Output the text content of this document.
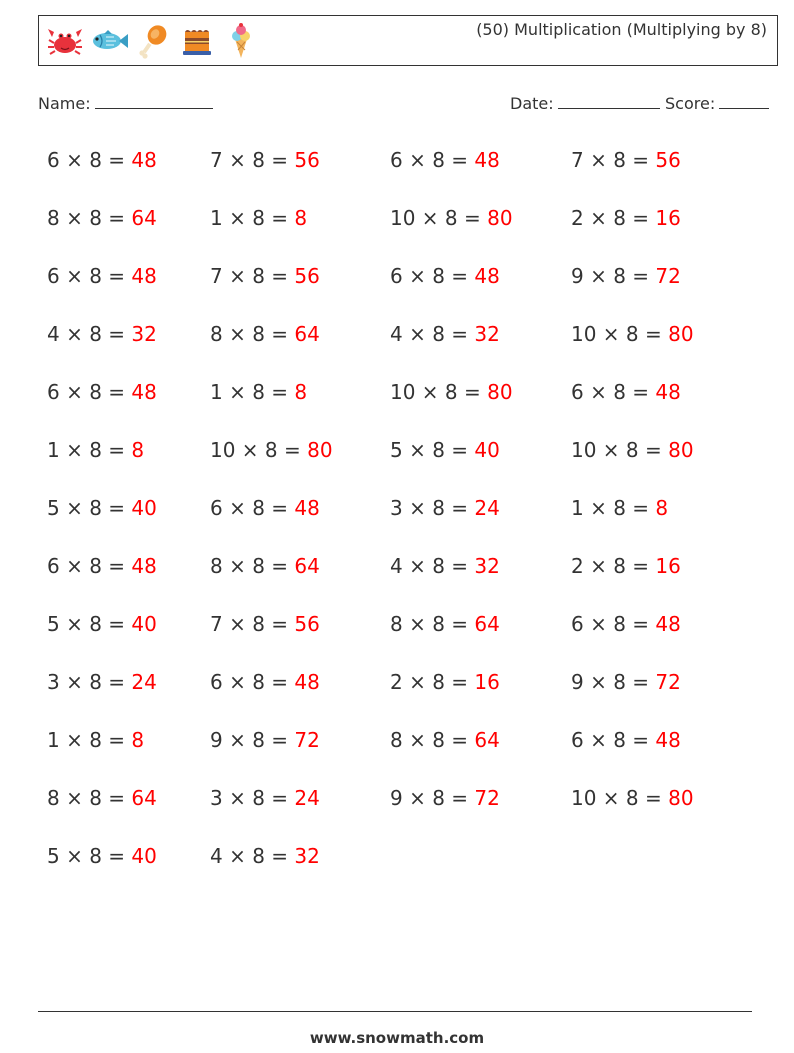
(50) Multiplication (Multiplying by 8)
Name:	Date:	Score:
6 × 8 = 48	7 × 8 = 56	6 × 8 = 48	7 × 8 = 56
8 × 8 = 64	1 × 8 = 8	10 × 8 = 80	2 × 8 = 16
6 × 8 = 48	7 × 8 = 56	6 × 8 = 48	9 × 8 = 72
4 × 8 = 32	8 × 8 = 64	4 × 8 = 32	10 × 8 = 80
6 × 8 = 48	1 × 8 = 8	10 × 8 = 80	6 × 8 = 48
1 × 8 = 8	10 × 8 = 80	5 × 8 = 40	10 × 8 = 80
5 × 8 = 40	6 × 8 = 48	3 × 8 = 24	1 × 8 = 8
6 × 8 = 48	8 × 8 = 64	4 × 8 = 32	2 × 8 = 16
5 × 8 = 40	7 × 8 = 56	8 × 8 = 64	6 × 8 = 48
3 × 8 = 24	6 × 8 = 48	2 × 8 = 16	9 × 8 = 72
1 × 8 = 8	9 × 8 = 72	8 × 8 = 64	6 × 8 = 48
8 × 8 = 64	3 × 8 = 24	9 × 8 = 72	10 × 8 = 80
5 × 8 = 40	4 × 8 = 32
www.snowmath.com
